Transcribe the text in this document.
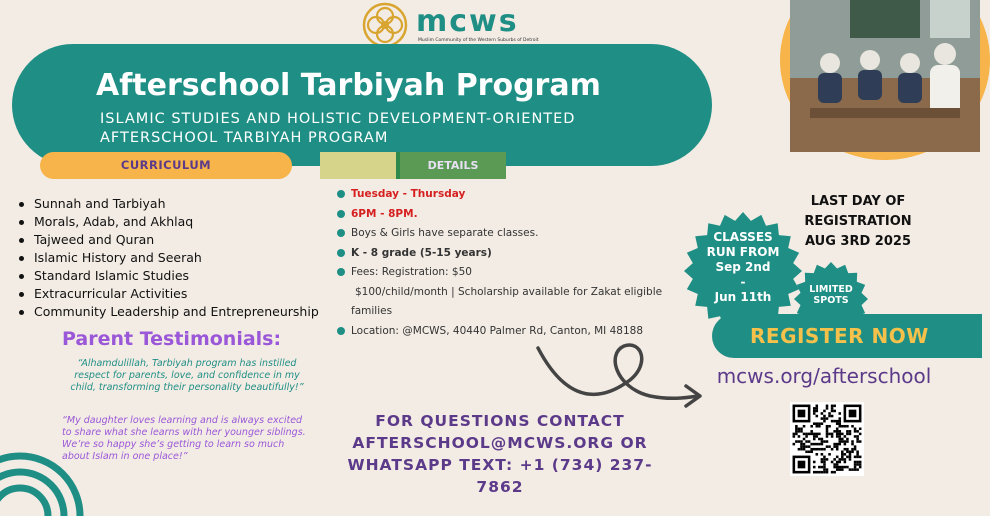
mcws
Muslim Community of the Western Suburbs of Detroit
Afterschool Tarbiyah Program
ISLAMIC STUDIES AND HOLISTIC DEVELOPMENT-ORIENTED AFTERSCHOOL TARBIYAH PROGRAM
CURRICULUM	DETAILS
Sunnah and Tarbiyah
Morals, Adab, and Akhlaq
Tajweed and Quran
Islamic History and Seerah
Standard Islamic Studies
Extracurricular Activities
Community Leadership and Entrepreneurship
Tuesday - Thursday
6PM - 8PM.
Boys & Girls have separate classes.
K - 8 grade (5-15 years)
Fees: Registration: $50
$100/child/month | Scholarship available for Zakat eligible
families
Location: @MCWS, 40440 Palmer Rd, Canton, MI 48188
Parent Testimonials:
“Alhamdulillah, Tarbiyah program has instilled respect for parents, love, and confidence in my child, transforming their personality beautifully!”
“My daughter loves learning and is always excited to share what she learns with her younger siblings. We’re so happy she’s getting to learn so much about Islam in one place!”
FOR QUESTIONS CONTACT
AFTERSCHOOL@MCWS.ORG OR
WHATSAPP TEXT: +1 (734) 237-7862
LAST DAY OF REGISTRATION
AUG 3RD 2025
CLASSES
RUN FROM
Sep 2nd
-
Jun 11th
LIMITED
SPOTS
REGISTER NOW
mcws.org/afterschool
